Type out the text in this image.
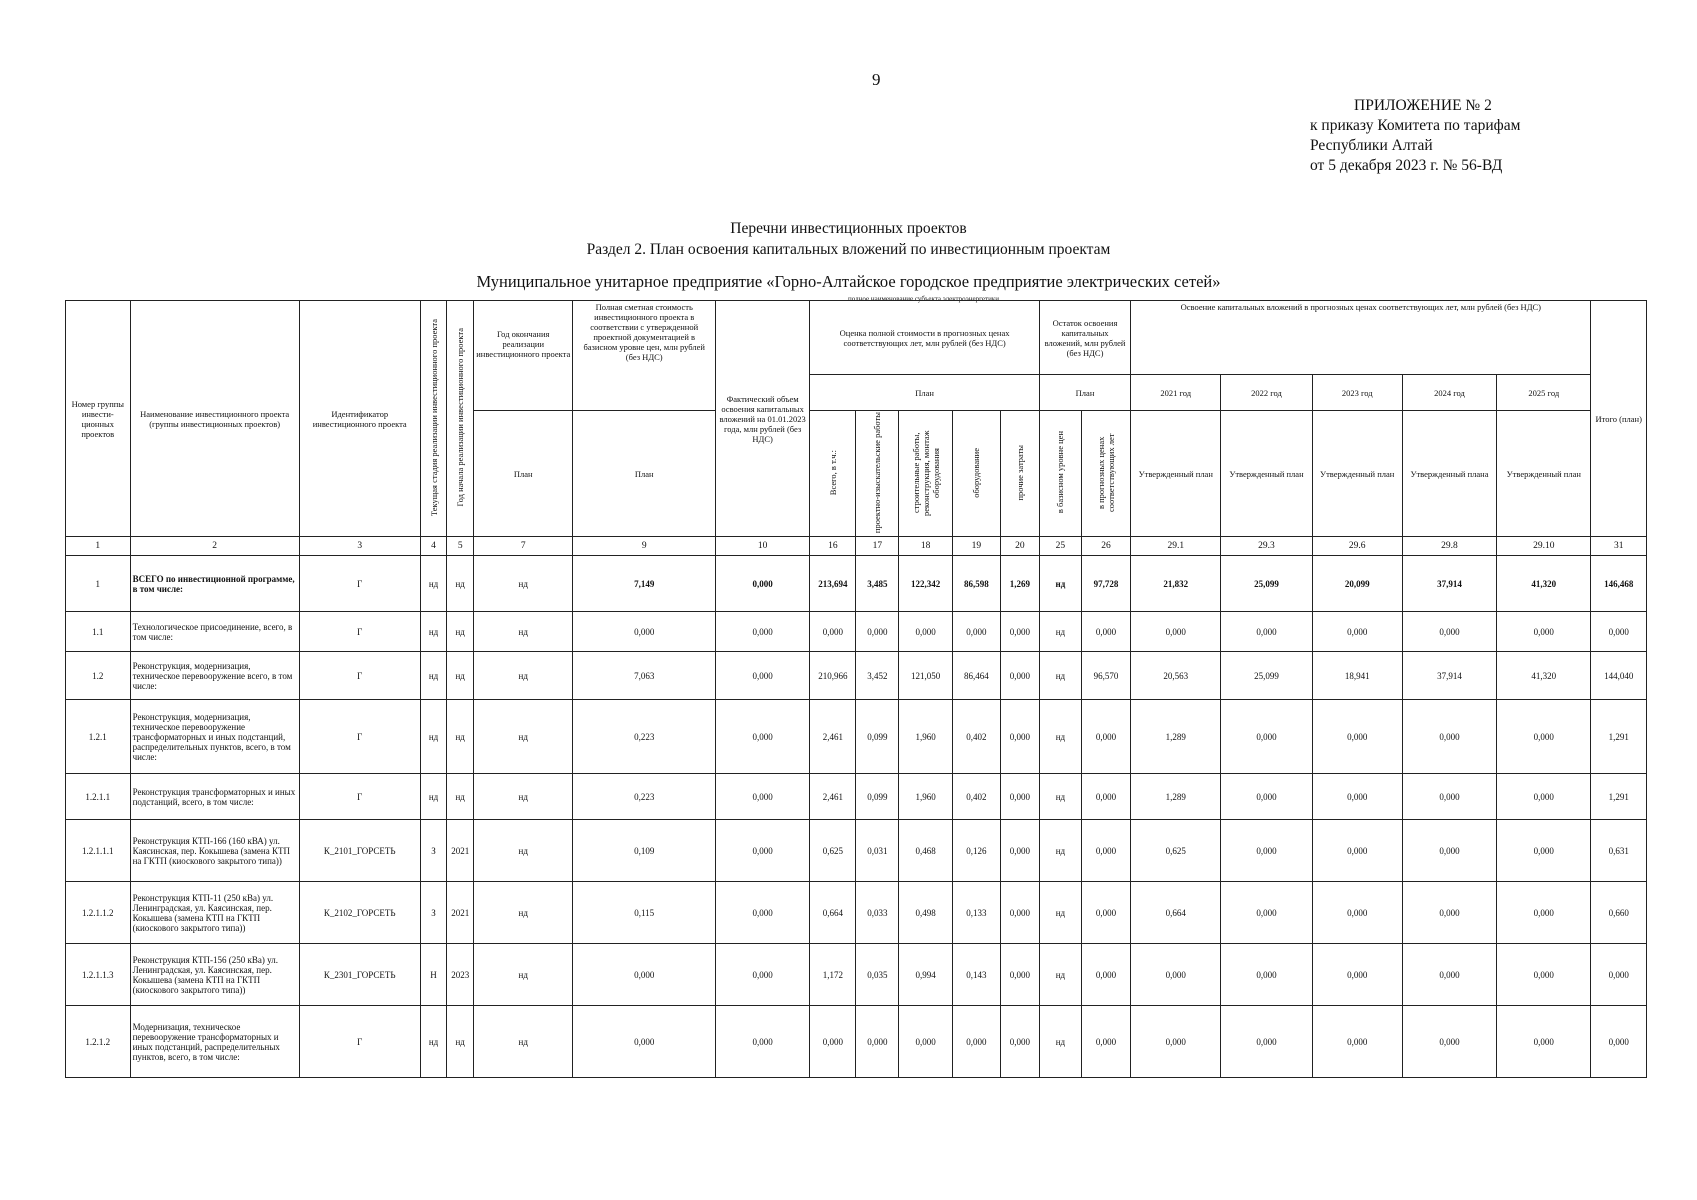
9
ПРИЛОЖЕНИЕ № 2
к приказу Комитета по тарифам
Республики Алтай
от 5 декабря 2023 г. № 56-ВД
Перечни инвестиционных проектов
Раздел 2. План освоения капитальных вложений по инвестиционным проектам
Муниципальное унитарное предприятие «Горно-Алтайское городское предприятие электрических сетей»
полное наименование субъекта электроэнергетики
Номер группы инвести-ционных проектов	Наименование инвестиционного проекта (группы инвестиционных проектов)	Идентификатор инвестиционного проекта	Текущая стадия реализации инвестиционного проекта	Год начала реализации инвестиционного проекта	Год окончания реализации инвестиционного проекта	Полная сметная стоимость инвестиционного проекта в соответствии с утвержденной проектной документацией в базисном уровне цен, млн рублей (без НДС)	Фактический объем освоения капитальных вложений на 01.01.2023 года, млн рублей (без НДС)	Оценка полной стоимости в прогнозных ценах соответствующих лет, млн рублей (без НДС)					Остаток освоения капитальных вложений, млн рублей (без НДС)		Освоение капитальных вложений в прогнозных ценах соответствующих лет, млн рублей (без НДС)					Итого (план)
								План					План		2021 год	2022 год	2023 год	2024 год	2025 год	
					План	План		Всего, в т.ч.:	проектно-изыскательские работы	строительные работы, реконструкция, монтаж оборудования	оборудование	прочие затраты	в базисном уровне цен	в прогнозных ценах соответствующих лет	Утвержденный план	Утвержденный план	Утвержденный план	Утвержденный плана	Утвержденный план	
1	2	3	4	5	7	9	10	16	17	18	19	20	25	26	29.1	29.3	29.6	29.8	29.10	31
1	ВСЕГО по инвестиционной программе, в том числе:	Г	нд	нд	нд	7,149	0,000	213,694	3,485	122,342	86,598	1,269	нд	97,728	21,832	25,099	20,099	37,914	41,320	146,468
1.1	Технологическое присоединение, всего, в том числе:	Г	нд	нд	нд	0,000	0,000	0,000	0,000	0,000	0,000	0,000	нд	0,000	0,000	0,000	0,000	0,000	0,000	0,000
1.2	Реконструкция, модернизация, техническое перевооружение всего, в том числе:	Г	нд	нд	нд	7,063	0,000	210,966	3,452	121,050	86,464	0,000	нд	96,570	20,563	25,099	18,941	37,914	41,320	144,040
1.2.1	Реконструкция, модернизация, техническое перевооружение трансформаторных и иных подстанций, распределительных пунктов, всего, в том числе:	Г	нд	нд	нд	0,223	0,000	2,461	0,099	1,960	0,402	0,000	нд	0,000	1,289	0,000	0,000	0,000	0,000	1,291
1.2.1.1	Реконструкция трансформаторных и иных подстанций, всего, в том числе:	Г	нд	нд	нд	0,223	0,000	2,461	0,099	1,960	0,402	0,000	нд	0,000	1,289	0,000	0,000	0,000	0,000	1,291
1.2.1.1.1	Реконструкция КТП-166 (160 кВА) ул. Каясинская, пер. Кокышева (замена КТП на ГКТП (киоскового закрытого типа))	К_2101_ГОРСЕТЬ	З	2021	нд	0,109	0,000	0,625	0,031	0,468	0,126	0,000	нд	0,000	0,625	0,000	0,000	0,000	0,000	0,631
1.2.1.1.2	Реконструкция КТП-11 (250 кВа) ул. Ленинградская, ул. Каясинская, пер. Кокышева (замена КТП на ГКТП (киоскового закрытого типа))	К_2102_ГОРСЕТЬ	З	2021	нд	0,115	0,000	0,664	0,033	0,498	0,133	0,000	нд	0,000	0,664	0,000	0,000	0,000	0,000	0,660
1.2.1.1.3	Реконструкция КТП-156 (250 кВа) ул. Ленинградская, ул. Каясинская, пер. Кокышева (замена КТП на ГКТП (киоскового закрытого типа))	К_2301_ГОРСЕТЬ	Н	2023	нд	0,000	0,000	1,172	0,035	0,994	0,143	0,000	нд	0,000	0,000	0,000	0,000	0,000	0,000	0,000
1.2.1.2	Модернизация, техническое перевооружение трансформаторных и иных подстанций, распределительных пунктов, всего, в том числе:	Г	нд	нд	нд	0,000	0,000	0,000	0,000	0,000	0,000	0,000	нд	0,000	0,000	0,000	0,000	0,000	0,000	0,000
